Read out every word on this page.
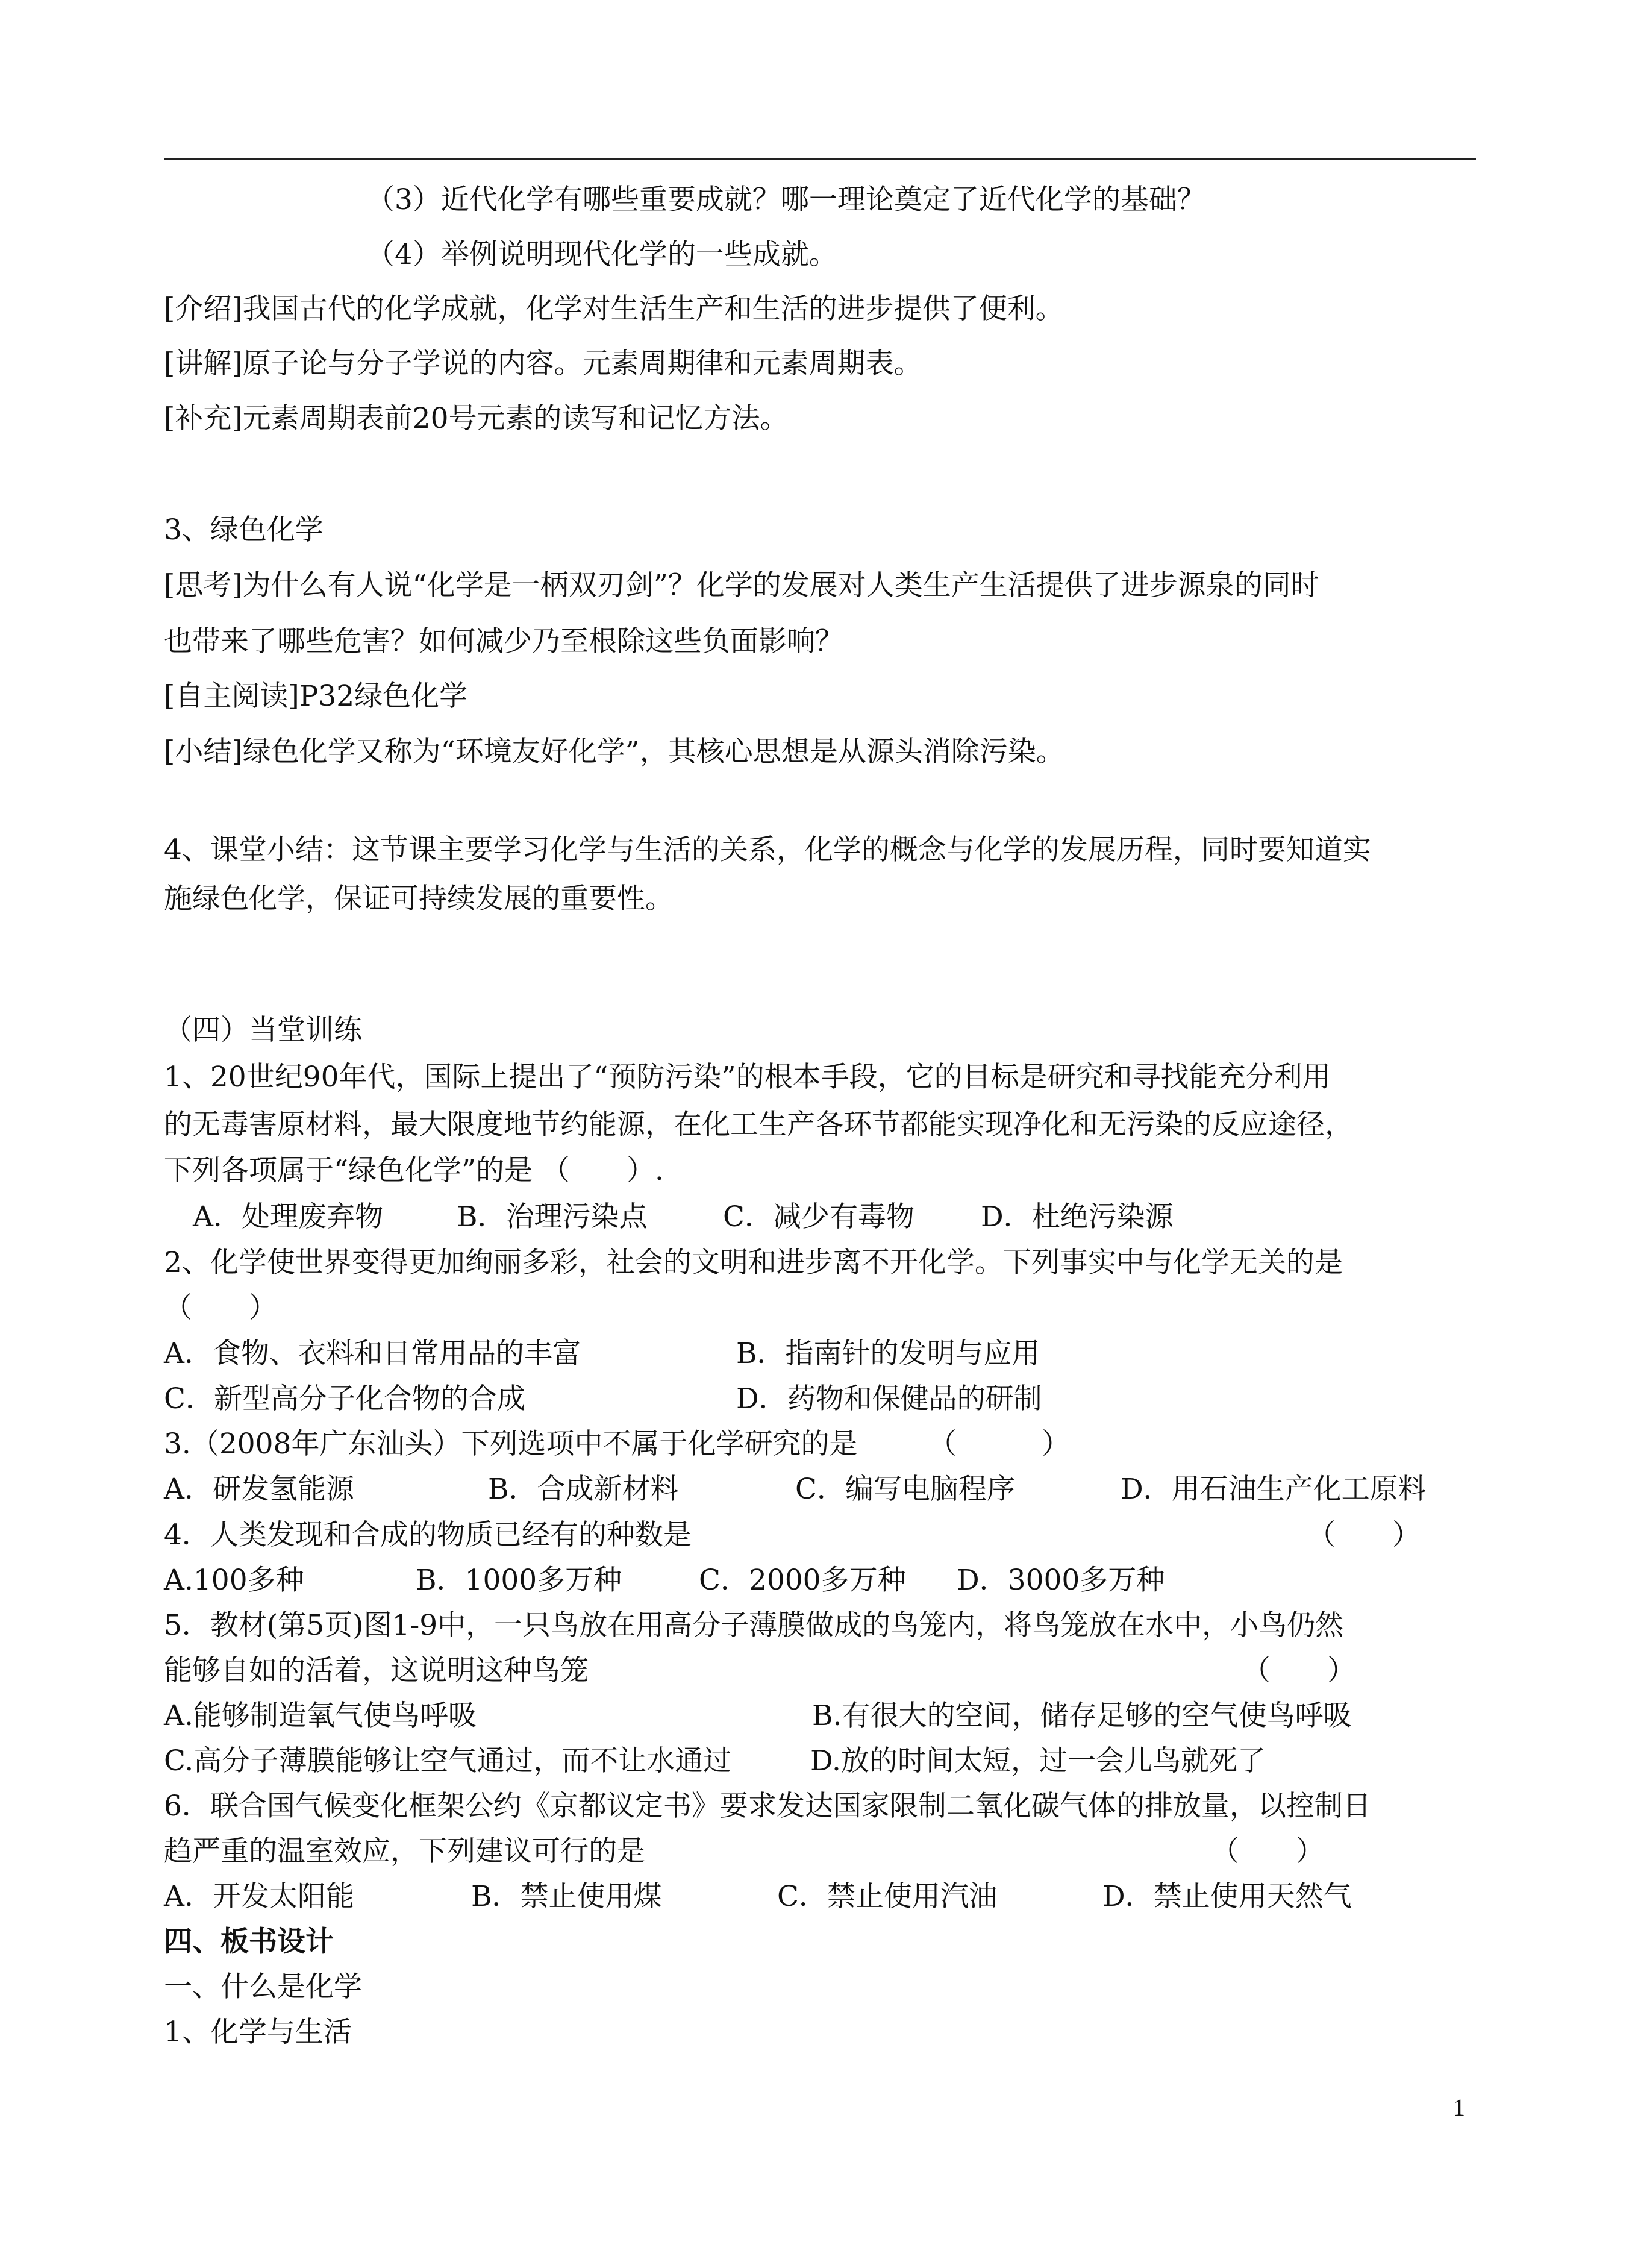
（3）近代化学有哪些重要成就？哪一理论奠定了近代化学的基础？
（4）举例说明现代化学的一些成就。
[介绍]我国古代的化学成就，化学对生活生产和生活的进步提供了便利。
[讲解]原子论与分子学说的内容。元素周期律和元素周期表。
[补充]元素周期表前20号元素的读写和记忆方法。
3、绿色化学
[思考]为什么有人说“化学是一柄双刃剑”？化学的发展对人类生产生活提供了进步源泉的同时
也带来了哪些危害？如何减少乃至根除这些负面影响？
[自主阅读]P32绿色化学
[小结]绿色化学又称为“环境友好化学”，其核心思想是从源头消除污染。
4、课堂小结：这节课主要学习化学与生活的关系，化学的概念与化学的发展历程，同时要知道实
施绿色化学，保证可持续发展的重要性。
（四）当堂训练
1、20世纪90年代，国际上提出了“预防污染”的根本手段，它的目标是研究和寻找能充分利用
的无毒害原材料，最大限度地节约能源，在化工生产各环节都能实现净化和无污染的反应途径，
下列各项属于“绿色化学”的是 （　　）.
A．处理废弃物	B．治理污染点	C．减少有毒物 D．杜绝污染源
2、化学使世界变得更加绚丽多彩，社会的文明和进步离不开化学。下列事实中与化学无关的是
（　　）
A．食物、衣料和日常用品的丰富	B．指南针的发明与应用
C．新型高分子化合物的合成	D．药物和保健品的研制
3.（2008年广东汕头）下列选项中不属于化学研究的是　　　（　　　）
A．研发氢能源	B．合成新材料	C．编写电脑程序	D．用石油生产化工原料
4．人类发现和合成的物质已经有的种数是	（　　）
A.100多种	B．1000多万种	C．2000多万种 D．3000多万种
5．教材(第5页)图1-9中，一只鸟放在用高分子薄膜做成的鸟笼内，将鸟笼放在水中，小鸟仍然
能够自如的活着，这说明这种鸟笼	（　　）
A.能够制造氧气使鸟呼吸	B.有很大的空间，储存足够的空气使鸟呼吸
C.高分子薄膜能够让空气通过，而不让水通过	D.放的时间太短，过一会儿鸟就死了
6．联合国气候变化框架公约《京都议定书》要求发达国家限制二氧化碳气体的排放量，以控制日
趋严重的温室效应，下列建议可行的是	（　　）
A．开发太阳能	B．禁止使用煤	C．禁止使用汽油	D．禁止使用天然气
四、板书设计
一、什么是化学
1、化学与生活
1
